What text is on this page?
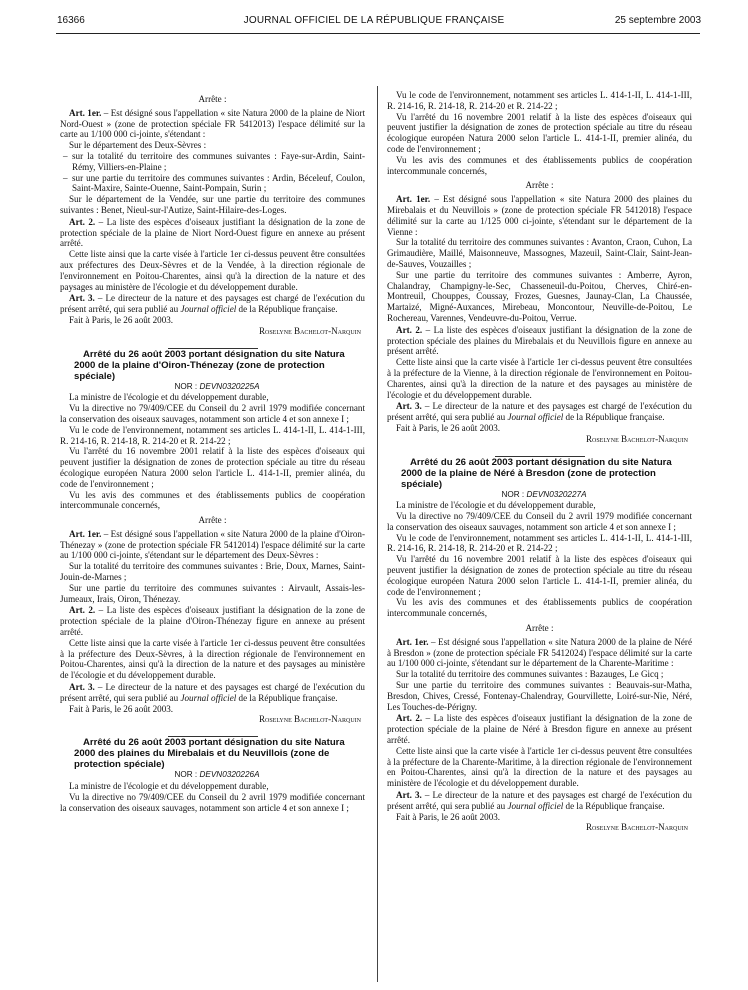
16366	JOURNAL OFFICIEL DE LA RÉPUBLIQUE FRANÇAISE	25 septembre 2003

Arrête :

Art. 1er. – Est désigné sous l'appellation « site Natura 2000 de la plaine de Niort Nord-Ouest » (zone de protection spéciale FR 5412013) l'espace délimité sur la carte au 1/100 000 ci-jointe, s'étendant :

Sur le département des Deux-Sèvres :

– sur la totalité du territoire des communes suivantes : Faye-sur-Ardin, Saint-Rémy, Villiers-en-Plaine ;

– sur une partie du territoire des communes suivantes : Ardin, Béceleuf, Coulon, Saint-Maxire, Sainte-Ouenne, Saint-Pompain, Surin ;

Sur le département de la Vendée, sur une partie du territoire des communes suivantes : Benet, Nieul-sur-l'Autize, Saint-Hilaire-des-Loges.

Art. 2. – La liste des espèces d'oiseaux justifiant la désignation de la zone de protection spéciale de la plaine de Niort Nord-Ouest figure en annexe au présent arrêté.

Cette liste ainsi que la carte visée à l'article 1er ci-dessus peuvent être consultées aux préfectures des Deux-Sèvres et de la Vendée, à la direction régionale de l'environnement en Poitou-Charentes, ainsi qu'à la direction de la nature et des paysages au ministère de l'écologie et du développement durable.

Art. 3. – Le directeur de la nature et des paysages est chargé de l'exécution du présent arrêté, qui sera publié au Journal officiel de la République française.

Fait à Paris, le 26 août 2003.

Roselyne Bachelot-Narquin

Arrêté du 26 août 2003 portant désignation du site Natura 2000 de la plaine d'Oiron-Thénezay (zone de protection spéciale)

NOR : DEVN0320225A

La ministre de l'écologie et du développement durable,

Vu la directive no 79/409/CEE du Conseil du 2 avril 1979 modifiée concernant la conservation des oiseaux sauvages, notamment son article 4 et son annexe I ;

Vu le code de l'environnement, notamment ses articles L. 414-1-II, L. 414-1-III, R. 214-16, R. 214-18, R. 214-20 et R. 214-22 ;

Vu l'arrêté du 16 novembre 2001 relatif à la liste des espèces d'oiseaux qui peuvent justifier la désignation de zones de protection spéciale au titre du réseau écologique européen Natura 2000 selon l'article L. 414-1-II, premier alinéa, du code de l'environnement ;

Vu les avis des communes et des établissements publics de coopération intercommunale concernés,

Arrête :

Art. 1er. – Est désigné sous l'appellation « site Natura 2000 de la plaine d'Oiron-Thénezay » (zone de protection spéciale FR 5412014) l'espace délimité sur la carte au 1/100 000 ci-jointe, s'étendant sur le département des Deux-Sèvres :

Sur la totalité du territoire des communes suivantes : Brie, Doux, Marnes, Saint-Jouin-de-Marnes ;

Sur une partie du territoire des communes suivantes : Airvault, Assais-les-Jumeaux, Irais, Oiron, Thénezay.

Art. 2. – La liste des espèces d'oiseaux justifiant la désignation de la zone de protection spéciale de la plaine d'Oiron-Thénezay figure en annexe au présent arrêté.

Cette liste ainsi que la carte visée à l'article 1er ci-dessus peuvent être consultées à la préfecture des Deux-Sèvres, à la direction régionale de l'environnement en Poitou-Charentes, ainsi qu'à la direction de la nature et des paysages au ministère de l'écologie et du développement durable.

Art. 3. – Le directeur de la nature et des paysages est chargé de l'exécution du présent arrêté, qui sera publié au Journal officiel de la République française.

Fait à Paris, le 26 août 2003.

Roselyne Bachelot-Narquin

Arrêté du 26 août 2003 portant désignation du site Natura 2000 des plaines du Mirebalais et du Neuvillois (zone de protection spéciale)

NOR : DEVN0320226A

La ministre de l'écologie et du développement durable,

Vu la directive no 79/409/CEE du Conseil du 2 avril 1979 modifiée concernant la conservation des oiseaux sauvages, notamment son article 4 et son annexe I ;

Vu le code de l'environnement, notamment ses articles L. 414-1-II, L. 414-1-III, R. 214-16, R. 214-18, R. 214-20 et R. 214-22 ;

Vu l'arrêté du 16 novembre 2001 relatif à la liste des espèces d'oiseaux qui peuvent justifier la désignation de zones de protection spéciale au titre du réseau écologique européen Natura 2000 selon l'article L. 414-1-II, premier alinéa, du code de l'environnement ;

Vu les avis des communes et des établissements publics de coopération intercommunale concernés,

Arrête :

Art. 1er. – Est désigné sous l'appellation « site Natura 2000 des plaines du Mirebalais et du Neuvillois » (zone de protection spéciale FR 5412018) l'espace délimité sur la carte au 1/125 000 ci-jointe, s'étendant sur le département de la Vienne :

Sur la totalité du territoire des communes suivantes : Avanton, Craon, Cuhon, La Grimaudière, Maillé, Maisonneuve, Massognes, Mazeuil, Saint-Clair, Saint-Jean-de-Sauves, Vouzailles ;

Sur une partie du territoire des communes suivantes : Amberre, Ayron, Chalandray, Champigny-le-Sec, Chasseneuil-du-Poitou, Cherves, Chiré-en-Montreuil, Chouppes, Coussay, Frozes, Guesnes, Jaunay-Clan, La Chaussée, Martaizé, Migné-Auxances, Mirebeau, Moncontour, Neuville-de-Poitou, Le Rochereau, Varennes, Vendeuvre-du-Poitou, Verrue.

Art. 2. – La liste des espèces d'oiseaux justifiant la désignation de la zone de protection spéciale des plaines du Mirebalais et du Neuvillois figure en annexe au présent arrêté.

Cette liste ainsi que la carte visée à l'article 1er ci-dessus peuvent être consultées à la préfecture de la Vienne, à la direction régionale de l'environnement en Poitou-Charentes, ainsi qu'à la direction de la nature et des paysages au ministère de l'écologie et du développement durable.

Art. 3. – Le directeur de la nature et des paysages est chargé de l'exécution du présent arrêté, qui sera publié au Journal officiel de la République française.

Fait à Paris, le 26 août 2003.

Roselyne Bachelot-Narquin

Arrêté du 26 août 2003 portant désignation du site Natura 2000 de la plaine de Néré à Bresdon (zone de protection spéciale)

NOR : DEVN0320227A

La ministre de l'écologie et du développement durable,

Vu la directive no 79/409/CEE du Conseil du 2 avril 1979 modifiée concernant la conservation des oiseaux sauvages, notamment son article 4 et son annexe I ;

Vu le code de l'environnement, notamment ses articles L. 414-1-II, L. 414-1-III, R. 214-16, R. 214-18, R. 214-20 et R. 214-22 ;

Vu l'arrêté du 16 novembre 2001 relatif à la liste des espèces d'oiseaux qui peuvent justifier la désignation de zones de protection spéciale au titre du réseau écologique européen Natura 2000 selon l'article L. 414-1-II, premier alinéa, du code de l'environnement ;

Vu les avis des communes et des établissements publics de coopération intercommunale concernés,

Arrête :

Art. 1er. – Est désigné sous l'appellation « site Natura 2000 de la plaine de Néré à Bresdon » (zone de protection spéciale FR 5412024) l'espace délimité sur la carte au 1/100 000 ci-jointe, s'étendant sur le département de la Charente-Maritime :

Sur la totalité du territoire des communes suivantes : Bazauges, Le Gicq ;

Sur une partie du territoire des communes suivantes : Beauvais-sur-Matha, Bresdon, Chives, Cressé, Fontenay-Chalendray, Gourvillette, Loiré-sur-Nie, Néré, Les Touches-de-Périgny.

Art. 2. – La liste des espèces d'oiseaux justifiant la désignation de la zone de protection spéciale de la plaine de Néré à Bresdon figure en annexe au présent arrêté.

Cette liste ainsi que la carte visée à l'article 1er ci-dessus peuvent être consultées à la préfecture de la Charente-Maritime, à la direction régionale de l'environnement en Poitou-Charentes, ainsi qu'à la direction de la nature et des paysages au ministère de l'écologie et du développement durable.

Art. 3. – Le directeur de la nature et des paysages est chargé de l'exécution du présent arrêté, qui sera publié au Journal officiel de la République française.

Fait à Paris, le 26 août 2003.

Roselyne Bachelot-Narquin
